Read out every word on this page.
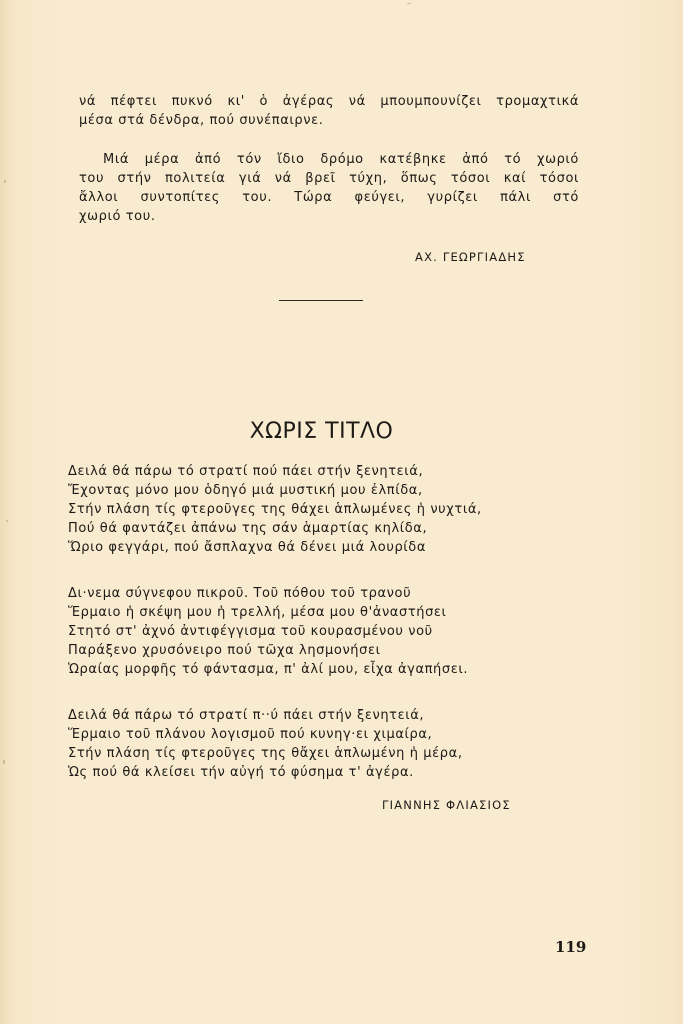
νά πέφτει πυκνό κι' ὁ ἀγέρας νά μπουμπουνίζει τρομαχτικά
μέσα στά δένδρα, πού συνέπαιρνε.
Μιά μέρα ἀπό τόν ἴδιο δρόμο κατέβηκε ἀπό τό χωριό
του στήν πολιτεία γιά νά βρεῖ τύχη, ὅπως τόσοι καί τόσοι
ἄλλοι συντοπίτες του. Τώρα φεύγει, γυρίζει πάλι στό
χωριό του.
ΑΧ. ΓΕΩΡΓΙΑΔΗΣ
ΧΩΡΙΣ ΤΙΤΛΟ
Δειλά θά πάρω τό στρατί πού πάει στήν ξενητειά,
Ἔχοντας μόνο μου ὁδηγό μιά μυστική μου ἐλπίδα,
Στήν πλάση τίς φτεροῦγες της θάχει ἁπλωμένες ἡ νυχτιά,
Πού θά φαντάζει ἀπάνω της σάν ἁμαρτίας κηλίδα,
Ὥριο φεγγάρι, πού ἄσπλαχνα θά δένει μιά λουρίδα
Δι·νεμα σύγνεφου πικροῦ. Τοῦ πόθου τοῦ τρανοῦ
Ἕρμαιο ἡ σκέψη μου ἡ τρελλή, μέσα μου θ'ἀναστήσει
Στητό στ' ἀχνό ἀντιφέγγισμα τοῦ κουρασμένου νοῦ
Παράξενο χρυσόνειρο πού τῶχα λησμονήσει
Ὡραίας μορφῆς τό φάντασμα, π' ἀλί μου, εἶχα ἀγαπήσει.
Δειλά θά πάρω τό στρατί π··ύ πάει στήν ξενητειά,
Ἕρμαιο τοῦ πλάνου λογισμοῦ πού κυνηγ·ει χιμαίρα,
Στήν πλάση τίς φτεροῦγες της θἄχει ἁπλωμένη ἡ μέρα,
Ὡς πού θά κλείσει τήν αὐγή τό φύσημα τ' ἀγέρα.
ΓΙΑΝΝΗΣ ΦΛΙΑΣΙΟΣ
119
